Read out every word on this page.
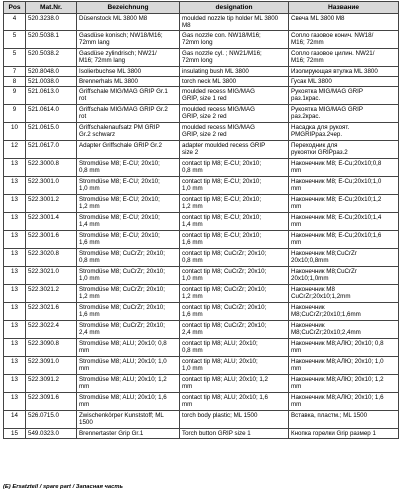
Pos	Mat.Nr.	Bezeichnung	designation	Название
4	520.3238.0	Düsenstock ML 3800 M8	moulded nozzle tip holder ML 3800 M8	Свеча ML 3800 M8
5	520.5038.1	Gasdüse konisch; NW18/M16;
72mm lang	Gas nozzle con. NW18/M16;
72mm long	Сопло газовое конич. NW18/
M16; 72mm
5	520.5038.2	Gasdüse zylindrisch; NW21/
M16; 72mm lang	Gas nozzle cyl. ; NW21/M16;
72mm long	Сопло газовое цилин. NW21/
M16; 72mm
7	520.8048.0	Isolierbuchse ML 3800	insulating bush ML 3800	Изолирующая втулка ML 3800
8	521.0038.0	Brennerhals ML 3800	torch neck ML 3800	Гусак ML 3800
9	521.0613.0	Griffschale MIG/MAG GRIP Gr.1
rot	moulded recess MIG/MAG
GRIP, size 1 red	Рукоятка MIG/MAG GRIP
раз.1крас.
9	521.0614.0	Griffschale MIG/MAG GRIP Gr.2
rot	moulded recess MIG/MAG
GRIP, size 2 red	Рукоятка MIG/MAG GRIP
раз.2крас.
10	521.0615.0	Griffschalenaufsatz PM GRIP
Gr.2 schwarz	moulded recess MIG/MAG
GRIP, size 2 red	Насадка для рукоят.
PMGRIPраз.2чер.
12	521.0617.0	Adapter Griffschale GRIP Gr.2	adapter moulded recess GRIP
size 2	Переходник для
рукоятки GRIPраз.2
13	522.3000.8	Stromdüse M8; E-CU; 20x10;
0,8 mm	contact tip M8; E-CU; 20x10;
0,8 mm	Наконечник M8; E-Cu;20x10;0,8
mm
13	522.3001.0	Stromdüse M8; E-CU; 20x10;
1,0 mm	contact tip M8; E-CU; 20x10;
1,0 mm	Наконечник M8; E-Cu;20x10;1,0
mm
13	522.3001.2	Stromdüse M8; E-CU; 20x10;
1,2 mm	contact tip M8; E-CU; 20x10;
1,2 mm	Наконечник M8; E-Cu;20x10;1,2
mm
13	522.3001.4	Stromdüse M8; E-CU; 20x10;
1,4 mm	contact tip M8; E-CU; 20x10;
1,4 mm	Наконечник M8; E-Cu;20x10;1,4
mm
13	522.3001.6	Stromdüse M8; E-CU; 20x10;
1,6 mm	contact tip M8; E-CU; 20x10;
1,6 mm	Наконечник M8; E-Cu;20x10;1,6
mm
13	522.3020.8	Stromdüse M8; CuCrZr; 20x10;
0,8 mm	contact tip M8; CuCrZr; 20x10;
0,8 mm	Наконечник M8;CuCrZr
20x10;0,8mm
13	522.3021.0	Stromdüse M8; CuCrZr; 20x10;
1,0 mm	contact tip M8; CuCrZr; 20x10;
1,0 mm	Наконечник M8;CuCrZr
20x10;1,0mm
13	522.3021.2	Stromdüse M8; CuCrZr; 20x10;
1,2 mm	contact tip M8; CuCrZr; 20x10;
1,2 mm	Наконечник M8
CuCrZr;20x10;1,2mm
13	522.3021.6	Stromdüse M8; CuCrZr; 20x10;
1,6 mm	contact tip M8; CuCrZr; 20x10;
1,6 mm	Наконечник
M8;CuCrZr;20x10;1,6mm
13	522.3022.4	Stromdüse M8; CuCrZr; 20x10;
2,4 mm	contact tip M8; CuCrZr; 20x10;
2,4 mm	Наконечник
M8;CuCrZr;20x10;2,4mm
13	522.3090.8	Stromdüse M8; ALU; 20x10; 0,8
mm	contact tip M8; ALU; 20x10;
0,8 mm	Наконечник M8;АЛЮ; 20x10; 0,8
mm
13	522.3091.0	Stromdüse M8; ALU; 20x10; 1,0
mm	contact tip M8; ALU; 20x10;
1,0 mm	Наконечник M8;АЛЮ; 20x10; 1,0
mm
13	522.3091.2	Stromdüse M8; ALU; 20x10; 1,2
mm	contact tip M8; ALU; 20x10; 1,2
mm	Наконечник M8;АЛЮ; 20x10; 1,2
mm
13	522.3091.6	Stromdüse M8; ALU; 20x10; 1,6
mm	contact tip M8; ALU; 20x10; 1,6
mm	Наконечник M8;АЛЮ; 20x10; 1,6
mm
14	526.0715.0	Zwischenkörper Kunststoff; ML
1500	torch body plastic; ML 1500	Вставка, пластм.; ML 1500
15	549.0323.0	Brennertaster Grip Gr.1	Torch button GRIP size 1	Кнопка горелки Grip размер 1
(E) Ersatzteil / spare part / Запасная часть
